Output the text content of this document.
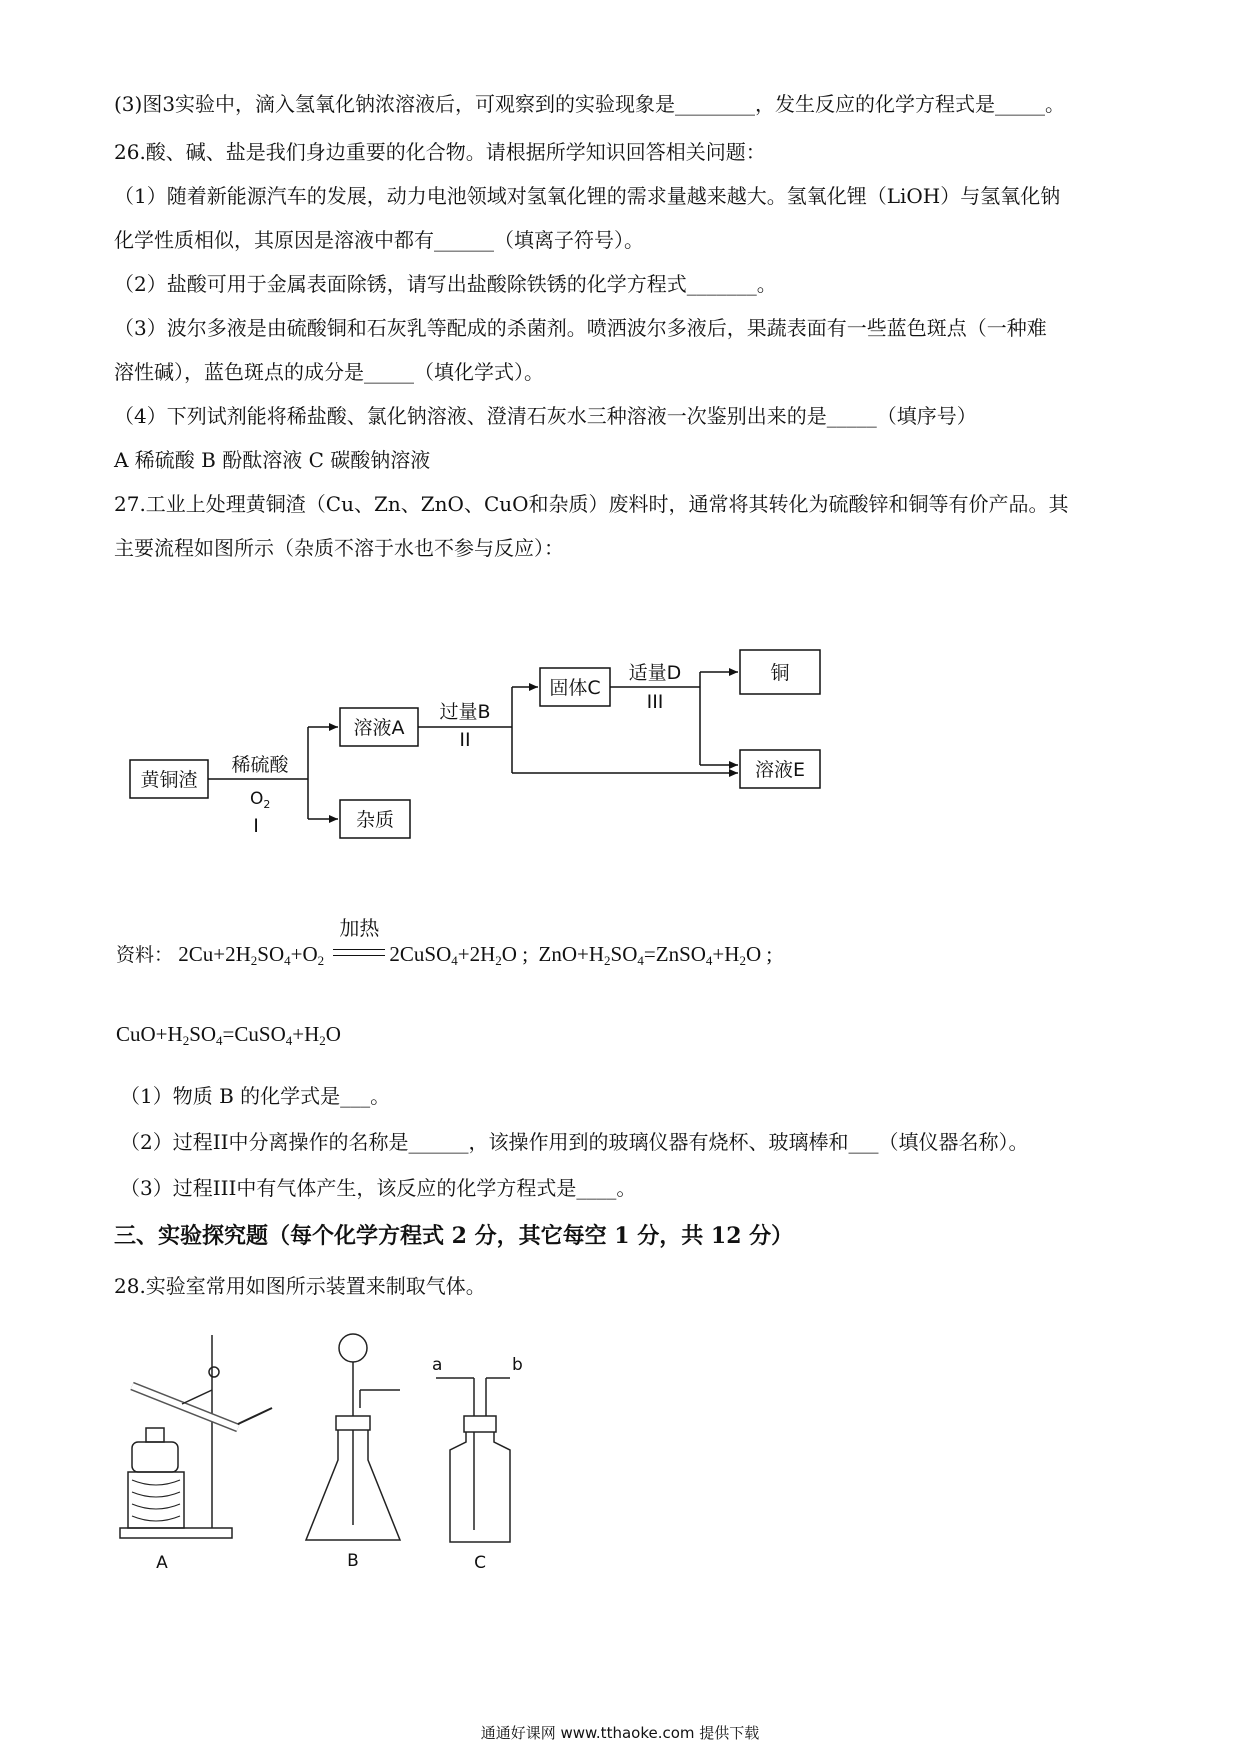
(3)图3实验中，滴入氢氧化钠浓溶液后，可观察到的实验现象是________，发生反应的化学方程式是_____。
26.酸、碱、盐是我们身边重要的化合物。请根据所学知识回答相关问题：
（1）随着新能源汽车的发展，动力电池领域对氢氧化锂的需求量越来越大。氢氧化锂（LiOH）与氢氧化钠
化学性质相似，其原因是溶液中都有______（填离子符号）。
（2）盐酸可用于金属表面除锈，请写出盐酸除铁锈的化学方程式_______。
（3）波尔多液是由硫酸铜和石灰乳等配成的杀菌剂。喷洒波尔多液后，果蔬表面有一些蓝色斑点（一种难
溶性碱），蓝色斑点的成分是_____（填化学式）。
（4）下列试剂能将稀盐酸、氯化钠溶液、澄清石灰水三种溶液一次鉴别出来的是_____（填序号）
A 稀硫酸 B 酚酞溶液 C 碳酸钠溶液
27.工业上处理黄铜渣（Cu、Zn、ZnO、CuO和杂质）废料时，通常将其转化为硫酸锌和铜等有价产品。其
主要流程如图所示（杂质不溶于水也不参与反应）：
黄铜渣
溶液A
杂质
固体C
铜
溶液E
稀硫酸
$O_2$
I
过量B
II
适量D
III
资料： $2Cu+2H_2SO_4+O_2$
加热
$2CuSO_4+2H_2O$ ;  $ZnO+H_2SO_4=ZnSO_4+H_2O$ ;
$CuO+H_2SO_4=CuSO_4+H_2O$
（1）物质 B 的化学式是___。
（2）过程II中分离操作的名称是______，该操作用到的玻璃仪器有烧杯、玻璃棒和___（填仪器名称）。
（3）过程III中有气体产生，该反应的化学方程式是____。
三、实验探究题（每个化学方程式 2 分，其它每空 1 分，共 12 分）
28.实验室常用如图所示装置来制取气体。
A	B	C
a	b
通通好课网 www.tthaoke.com 提供下载
